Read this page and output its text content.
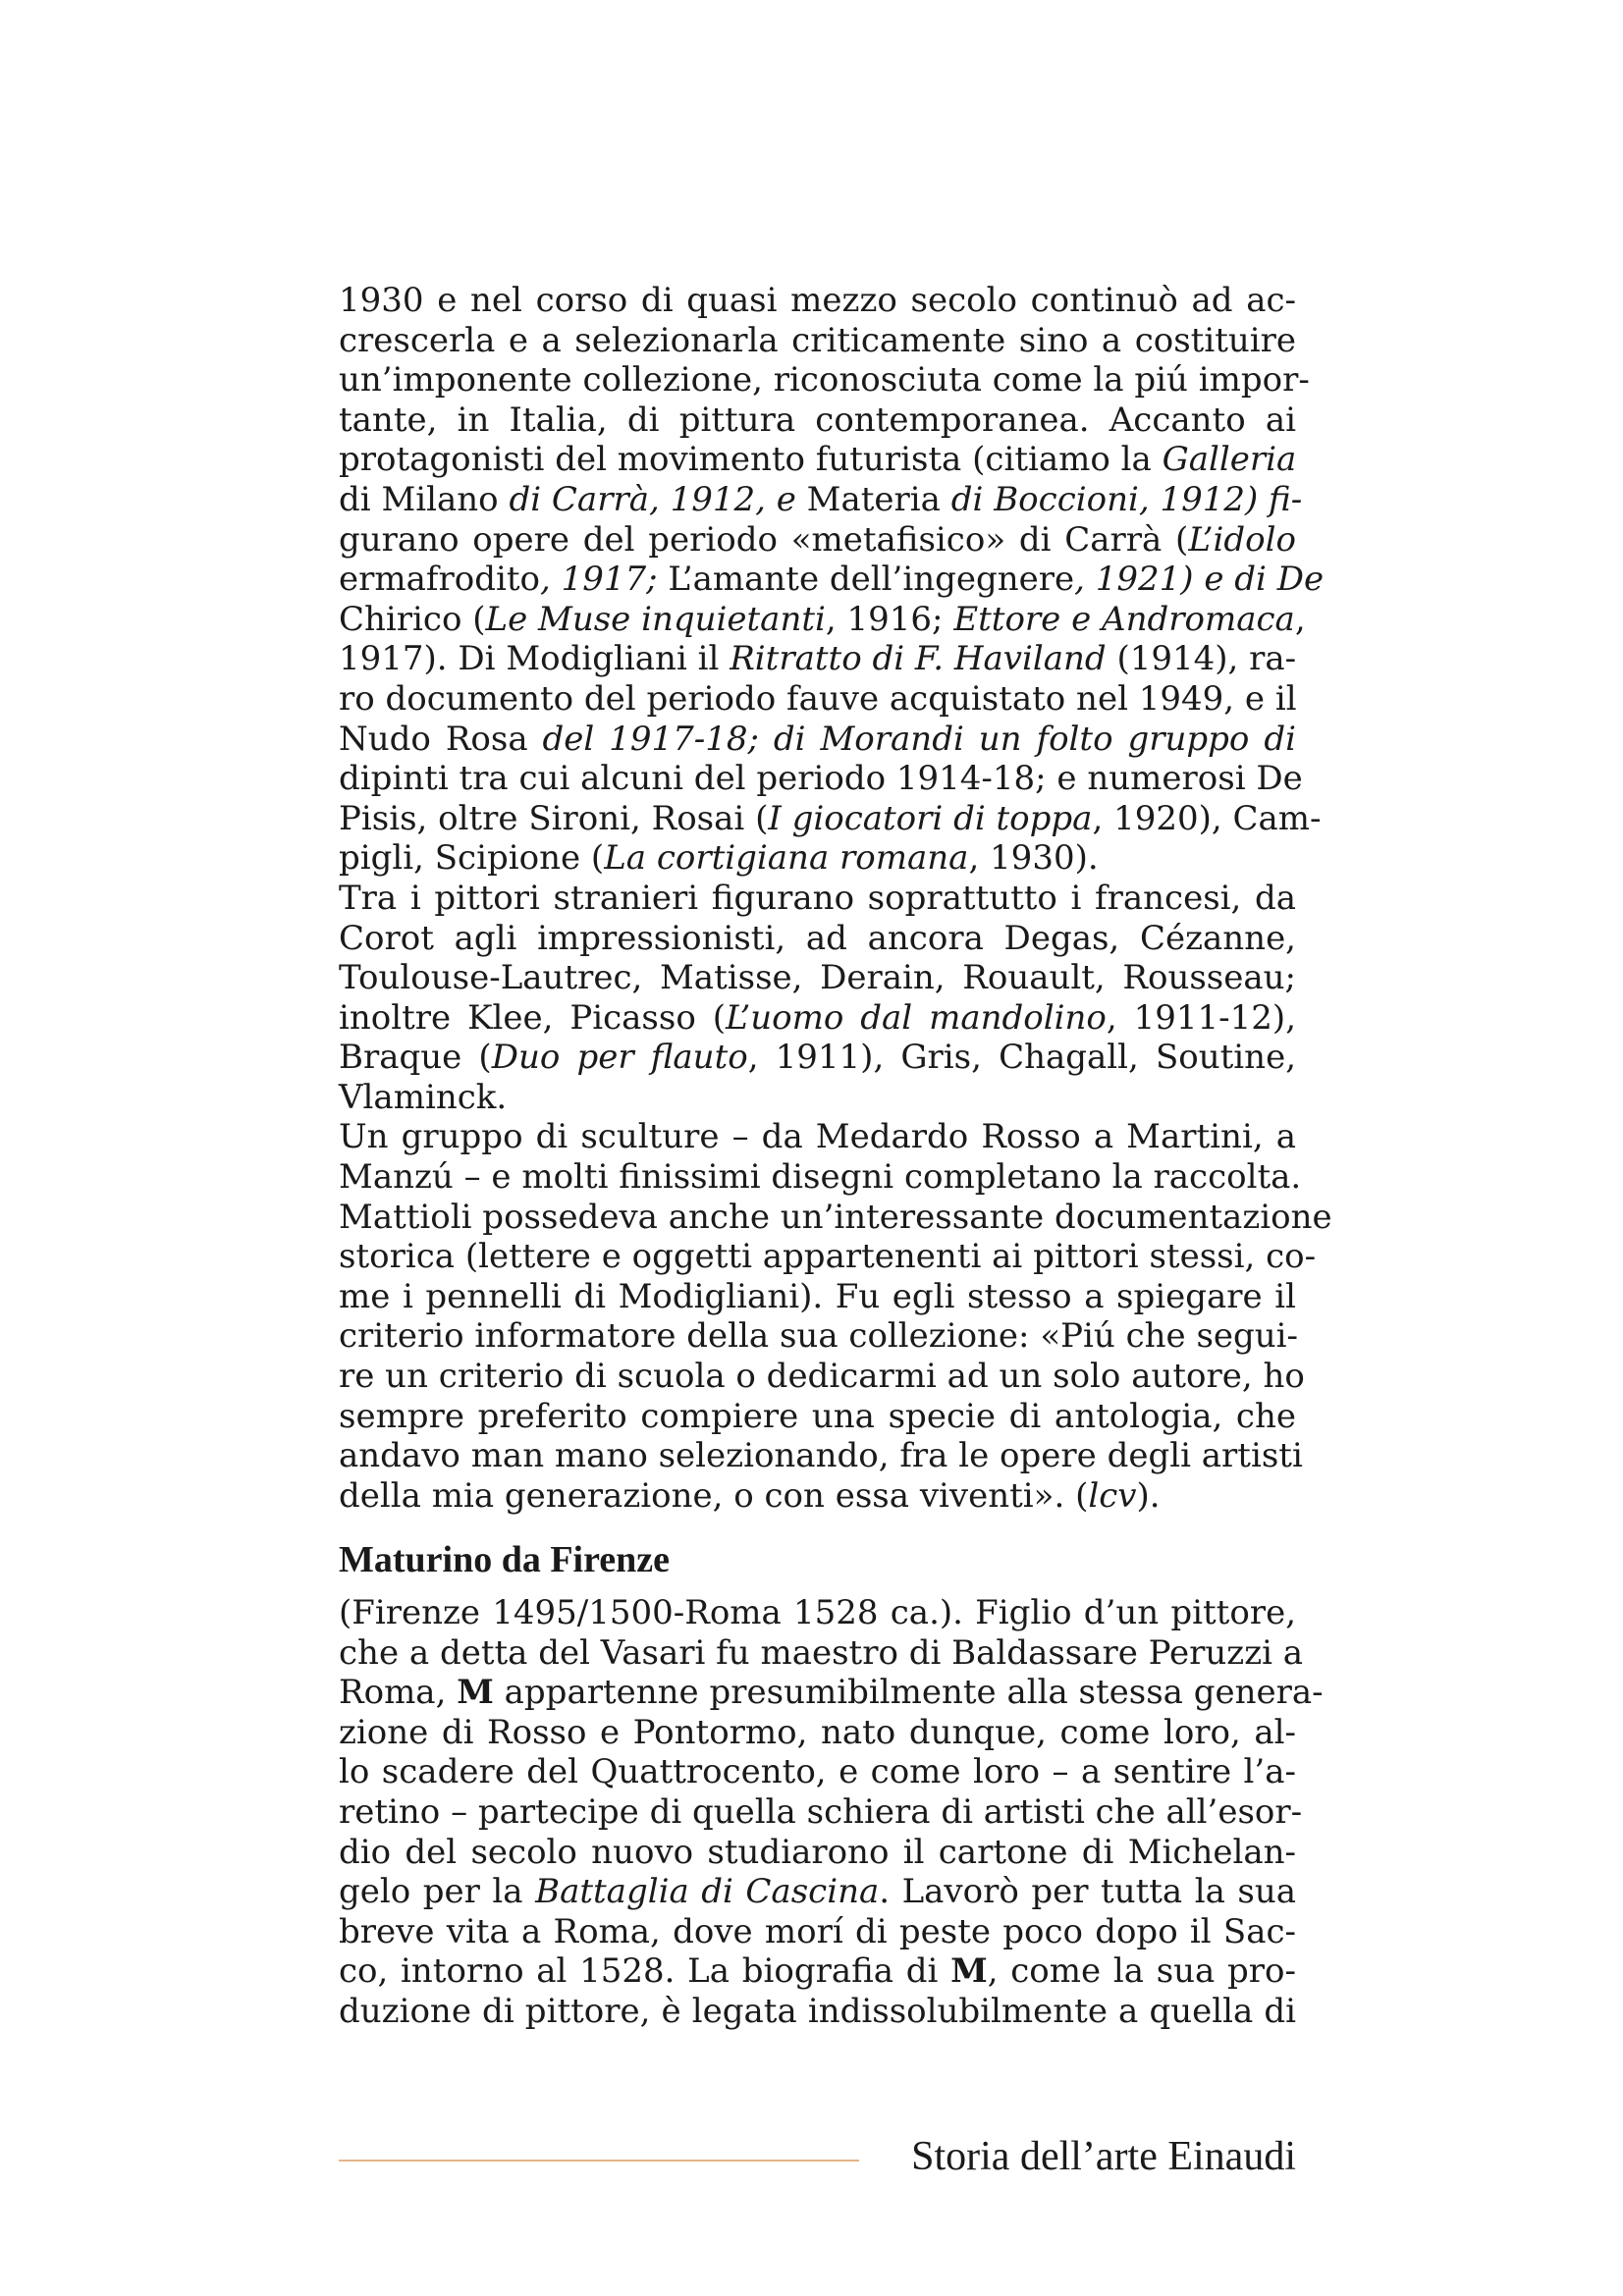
1930 e nel corso di quasi mezzo secolo continuò ad ac-
crescerla e a selezionarla criticamente sino a costituire
un’imponente collezione, riconosciuta come la piú impor-
tante, in Italia, di pittura contemporanea. Accanto ai
protagonisti del movimento futurista (citiamo la Galleria
di Milano di Carrà, 1912, e Materia di Boccioni, 1912) fi-
gurano opere del periodo «metafisico» di Carrà (L’idolo
ermafrodito, 1917; L’amante dell’ingegnere, 1921) e di De
Chirico (Le Muse inquietanti, 1916; Ettore e Andromaca,
1917). Di Modigliani il Ritratto di F. Haviland (1914), ra-
ro documento del periodo fauve acquistato nel 1949, e il
Nudo Rosa del 1917-18; di Morandi un folto gruppo di
dipinti tra cui alcuni del periodo 1914-18; e numerosi De
Pisis, oltre Sironi, Rosai (I giocatori di toppa, 1920), Cam-
pigli, Scipione (La cortigiana romana, 1930).
Tra i pittori stranieri figurano soprattutto i francesi, da
Corot agli impressionisti, ad ancora Degas, Cézanne,
Toulouse-Lautrec, Matisse, Derain, Rouault, Rousseau;
inoltre Klee, Picasso (L’uomo dal mandolino, 1911-12),
Braque (Duo per flauto, 1911), Gris, Chagall, Soutine,
Vlaminck.
Un gruppo di sculture – da Medardo Rosso a Martini, a
Manzú – e molti finissimi disegni completano la raccolta.
Mattioli possedeva anche un’interessante documentazione
storica (lettere e oggetti appartenenti ai pittori stessi, co-
me i pennelli di Modigliani). Fu egli stesso a spiegare il
criterio informatore della sua collezione: «Piú che segui-
re un criterio di scuola o dedicarmi ad un solo autore, ho
sempre preferito compiere una specie di antologia, che
andavo man mano selezionando, fra le opere degli artisti
della mia generazione, o con essa viventi». (lcv).
Maturino da Firenze
(Firenze 1495/1500-Roma 1528 ca.). Figlio d’un pittore,
che a detta del Vasari fu maestro di Baldassare Peruzzi a
Roma, M appartenne presumibilmente alla stessa genera-
zione di Rosso e Pontormo, nato dunque, come loro, al-
lo scadere del Quattrocento, e come loro – a sentire l’a-
retino – partecipe di quella schiera di artisti che all’esor-
dio del secolo nuovo studiarono il cartone di Michelan-
gelo per la Battaglia di Cascina. Lavorò per tutta la sua
breve vita a Roma, dove morí di peste poco dopo il Sac-
co, intorno al 1528. La biografia di M, come la sua pro-
duzione di pittore, è legata indissolubilmente a quella di
Storia dell’arte Einaudi
